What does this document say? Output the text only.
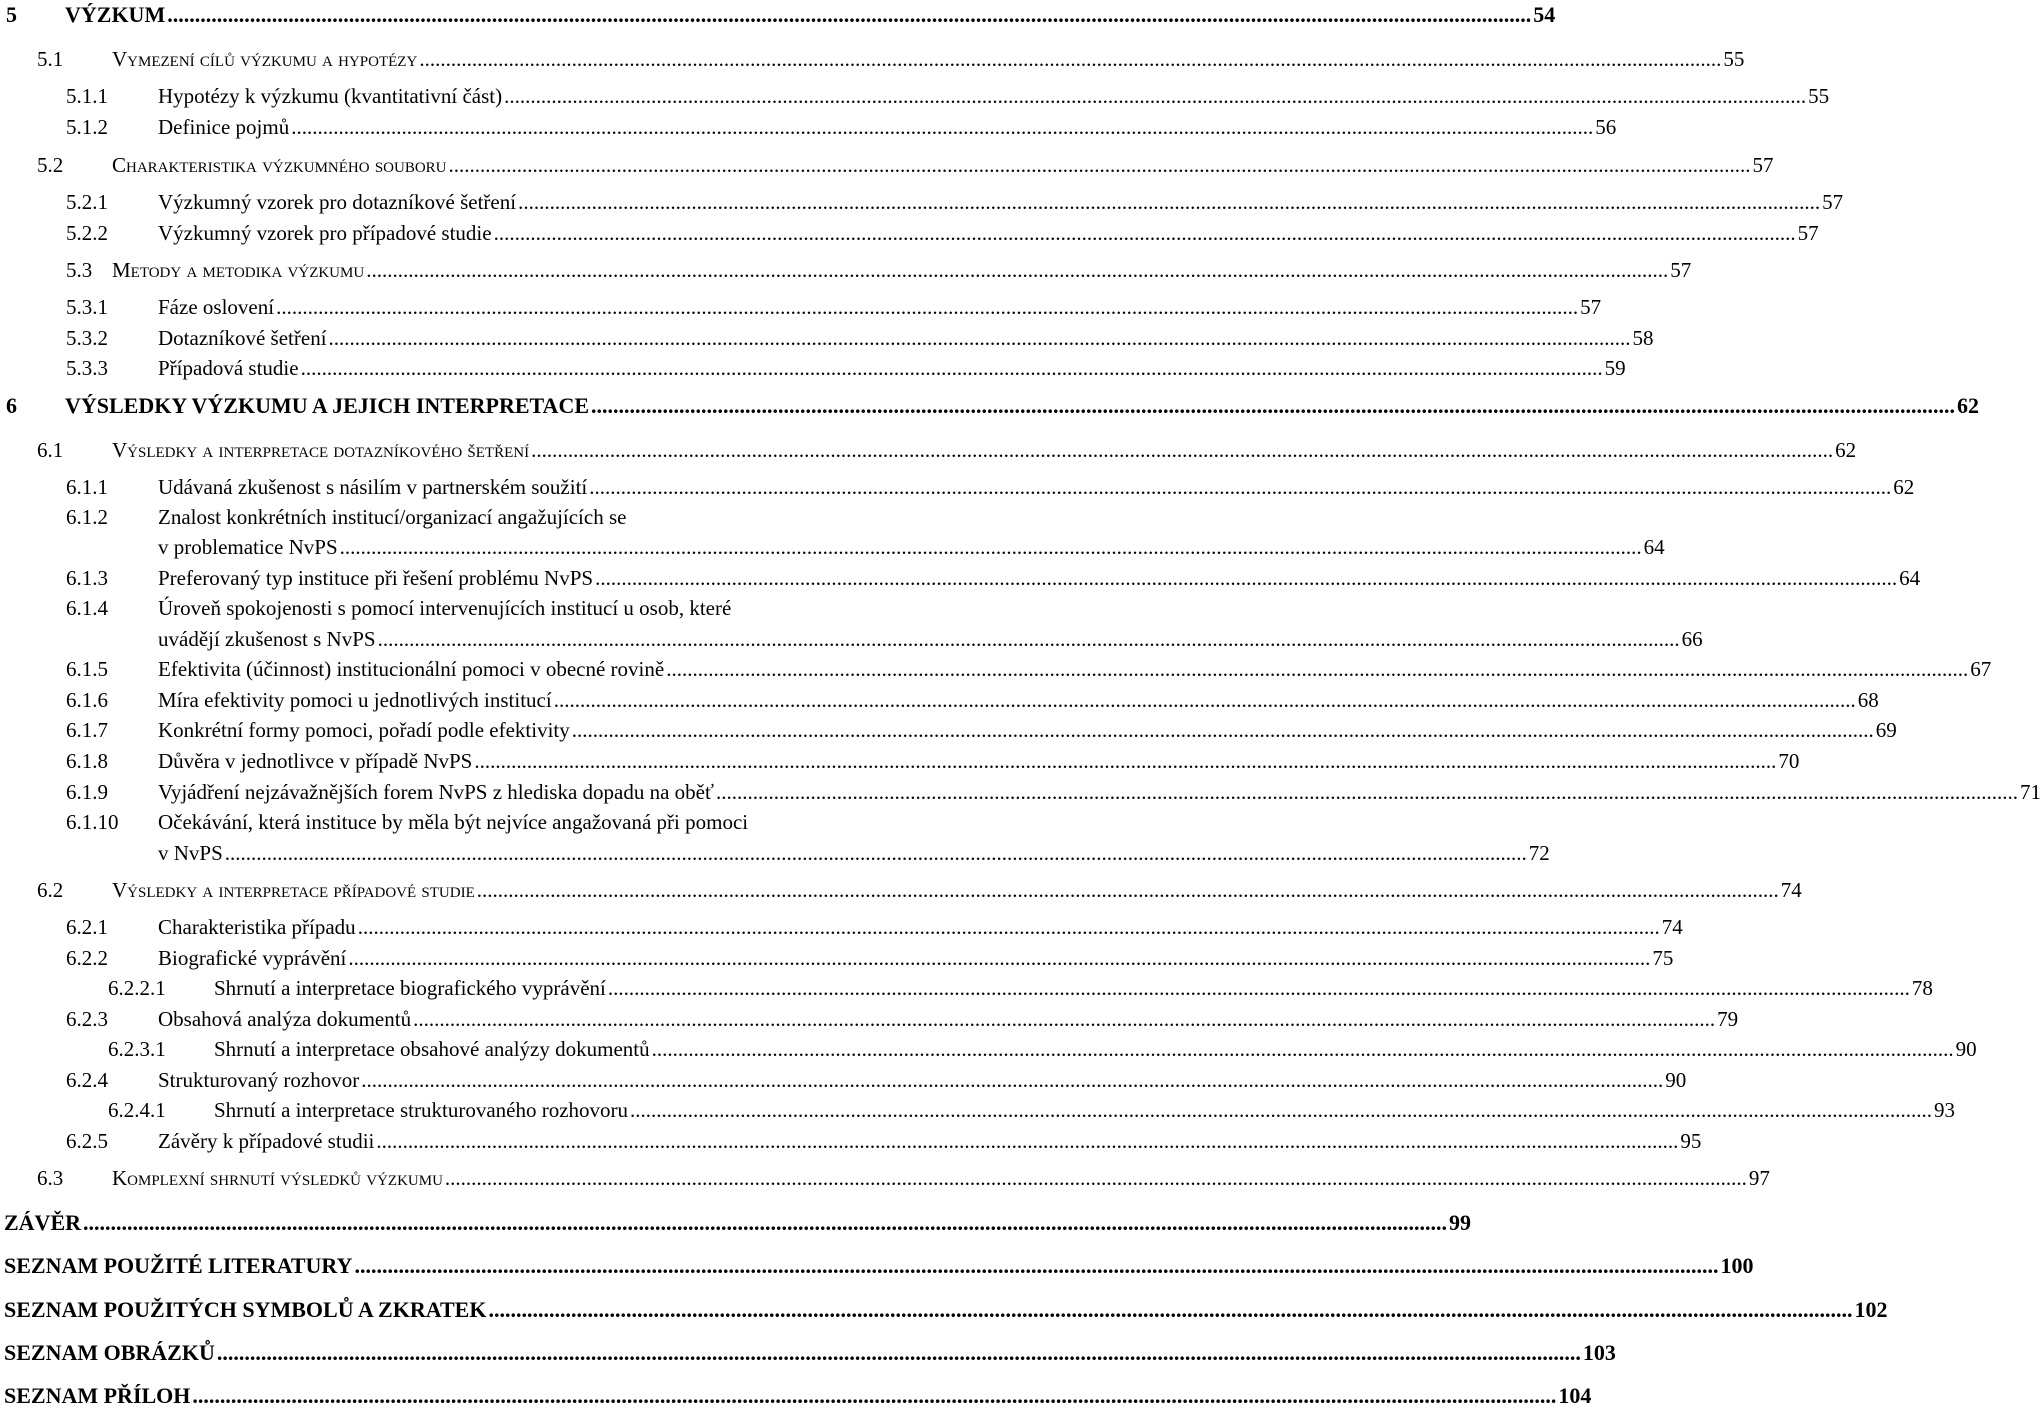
5	VÝZKUM .....	54
5.1	Vymezení cílů výzkumu a hypotézy .....	55
5.1.1	Hypotézy k výzkumu (kvantitativní část) .....	55
5.1.2	Definice pojmů .....	56
5.2	Charakteristika výzkumného souboru .....	57
5.2.1	Výzkumný vzorek pro dotazníkové šetření .....	57
5.2.2	Výzkumný vzorek pro případové studie .....	57
5.3 Metody a metodika výzkumu .....	57
5.3.1	Fáze oslovení .....	57
5.3.2	Dotazníkové šetření .....	58
5.3.3	Případová studie .....	59
6	VÝSLEDKY VÝZKUMU A JEJICH INTERPRETACE .....	62
6.1	Výsledky a interpretace dotazníkového šetření .....	62
6.1.1	Udávaná zkušenost s násilím v partnerském soužití .....	62
6.1.2 Znalost konkrétních institucí/organizací angažujících se
v problematice NvPS .....	64
6.1.3	Preferovaný typ instituce při řešení problému NvPS .....	64
6.1.4 Úroveň spokojenosti s pomocí intervenujících institucí u osob, které
uvádějí zkušenost s NvPS .....	66
6.1.5	Efektivita (účinnost) institucionální pomoci v obecné rovině .....	67
6.1.6	Míra efektivity pomoci u jednotlivých institucí .....	68
6.1.7	Konkrétní formy pomoci, pořadí podle efektivity .....	69
6.1.8	Důvěra v jednotlivce v případě NvPS .....	70
6.1.9	Vyjádření nejzávažnějších forem NvPS z hlediska dopadu na oběť .....	71
6.1.10 Očekávání, která instituce by měla být nejvíce angažovaná při pomoci
v NvPS .....	72
6.2	Výsledky a interpretace případové studie .....	74
6.2.1	Charakteristika případu .....	74
6.2.2	Biografické vyprávění .....	75
6.2.2.1	Shrnutí a interpretace biografického vyprávění .....	78
6.2.3	Obsahová analýza dokumentů .....	79
6.2.3.1	Shrnutí a interpretace obsahové analýzy dokumentů .....	90
6.2.4	Strukturovaný rozhovor .....	90
6.2.4.1	Shrnutí a interpretace strukturovaného rozhovoru .....	93
6.2.5	Závěry k případové studii .....	95
6.3	Komplexní shrnutí výsledků výzkumu .....	97
ZÁVĚR .....	99
SEZNAM POUŽITÉ LITERATURY .....	100
SEZNAM POUŽITÝCH SYMBOLŮ A ZKRATEK .....	102
SEZNAM OBRÁZKŮ .....	103
SEZNAM PŘÍLOH .....	104
